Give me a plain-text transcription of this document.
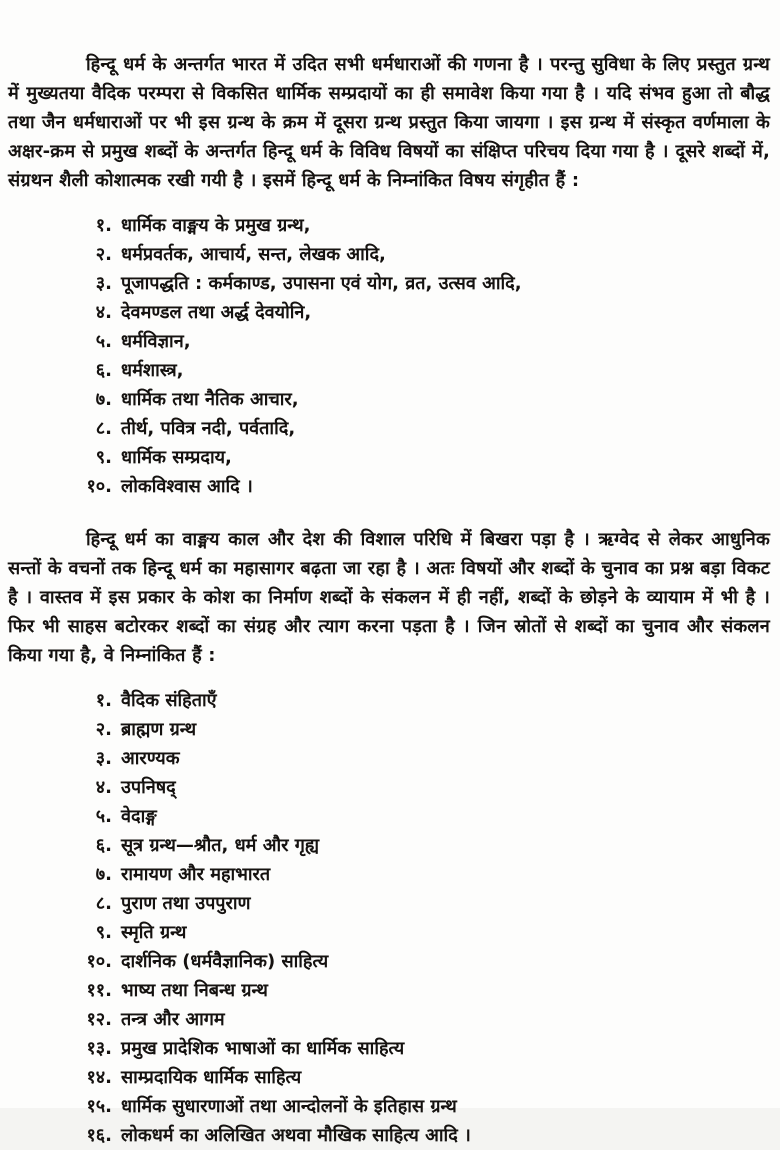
हिन्दू धर्म के अन्तर्गत भारत में उदित सभी धर्मधाराओं की गणना है । परन्तु सुविधा के लिए प्रस्तुत ग्रन्थ में मुख्यतया वैदिक परम्परा से विकसित धार्मिक सम्प्रदायों का ही समावेश किया गया है । यदि संभव हुआ तो बौद्ध तथा जैन धर्मधाराओं पर भी इस ग्रन्थ के क्रम में दूसरा ग्रन्थ प्रस्तुत किया जायगा । इस ग्रन्थ में संस्कृत वर्णमाला के अक्षर-क्रम से प्रमुख शब्दों के अन्तर्गत हिन्दू धर्म के विविध विषयों का संक्षिप्त परिचय दिया गया है । दूसरे शब्दों में, संग्रथन शैली कोशात्मक रखी गयी है । इसमें हिन्दू धर्म के निम्नांकित विषय संगृहीत हैं :

१. धार्मिक वाङ्मय के प्रमुख ग्रन्थ,
२. धर्मप्रवर्तक, आचार्य, सन्त, लेखक आदि,
३. पूजापद्धति : कर्मकाण्ड, उपासना एवं योग, व्रत, उत्सव आदि,
४. देवमण्डल तथा अर्द्ध देवयोनि,
५. धर्मविज्ञान,
६. धर्मशास्त्र,
७. धार्मिक तथा नैतिक आचार,
८. तीर्थ, पवित्र नदी, पर्वतादि,
९. धार्मिक सम्प्रदाय,
१०. लोकविश्वास आदि ।

हिन्दू धर्म का वाङ्मय काल और देश की विशाल परिधि में बिखरा पड़ा है । ऋग्वेद से लेकर आधुनिक सन्तों के वचनों तक हिन्दू धर्म का महासागर बढ़ता जा रहा है । अतः विषयों और शब्दों के चुनाव का प्रश्न बड़ा विकट है । वास्तव में इस प्रकार के कोश का निर्माण शब्दों के संकलन में ही नहीं, शब्दों के छोड़ने के व्यायाम में भी है । फिर भी साहस बटोरकर शब्दों का संग्रह और त्याग करना पड़ता है । जिन स्रोतों से शब्दों का चुनाव और संकलन किया गया है, वे निम्नांकित हैं :

१. वैदिक संहिताएँ
२. ब्राह्मण ग्रन्थ
३. आरण्यक
४. उपनिषद्
५. वेदाङ्ग
६. सूत्र ग्रन्थ—श्रौत, धर्म और गृह्य
७. रामायण और महाभारत
८. पुराण तथा उपपुराण
९. स्मृति ग्रन्थ
१०. दार्शनिक (धर्मवैज्ञानिक) साहित्य
११. भाष्य तथा निबन्ध ग्रन्थ
१२. तन्त्र और आगम
१३. प्रमुख प्रादेशिक भाषाओं का धार्मिक साहित्य
१४. साम्प्रदायिक धार्मिक साहित्य
१५. धार्मिक सुधारणाओं तथा आन्दोलनों के इतिहास ग्रन्थ
१६. लोकधर्म का अलिखित अथवा मौखिक साहित्य आदि ।
